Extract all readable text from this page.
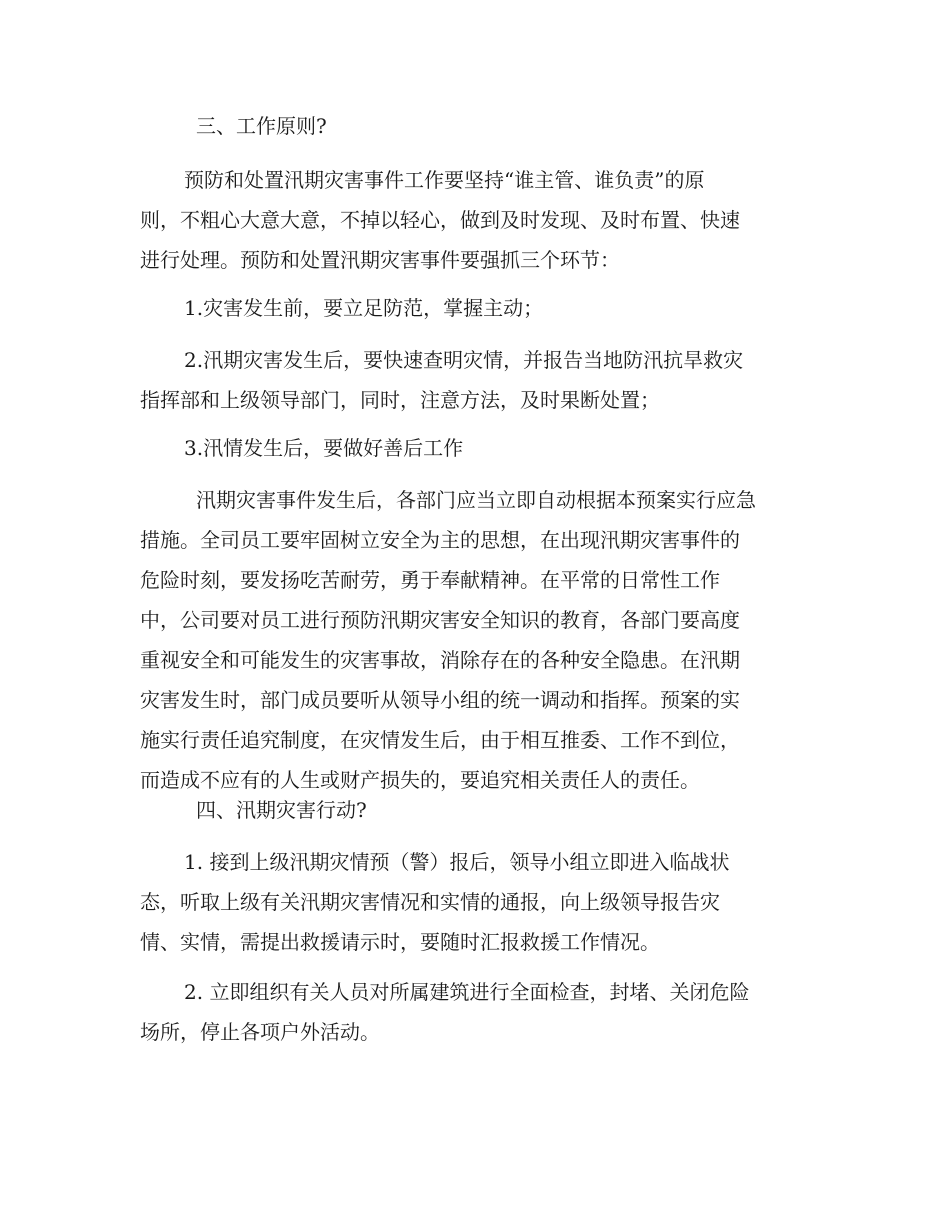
三、工作原则?

预防和处置汛期灾害事件工作要坚持“谁主管、谁负责”的原
则，不粗心大意大意，不掉以轻心，做到及时发现、及时布置、快速
进行处理。预防和处置汛期灾害事件要强抓三个环节：

1.灾害发生前，要立足防范，掌握主动；

2.汛期灾害发生后，要快速查明灾情，并报告当地防汛抗旱救灾
指挥部和上级领导部门，同时，注意方法，及时果断处置；

3.汛情发生后，要做好善后工作

汛期灾害事件发生后，各部门应当立即自动根据本预案实行应急
措施。全司员工要牢固树立安全为主的思想，在出现汛期灾害事件的
危险时刻，要发扬吃苦耐劳，勇于奉献精神。在平常的日常性工作
中，公司要对员工进行预防汛期灾害安全知识的教育，各部门要高度
重视安全和可能发生的灾害事故，消除存在的各种安全隐患。在汛期
灾害发生时，部门成员要听从领导小组的统一调动和指挥。预案的实
施实行责任追究制度，在灾情发生后，由于相互推委、工作不到位，
而造成不应有的人生或财产损失的，要追究相关责任人的责任。

四、汛期灾害行动?

1. 接到上级汛期灾情预（警）报后，领导小组立即进入临战状
态，听取上级有关汛期灾害情况和实情的通报，向上级领导报告灾
情、实情，需提出救援请示时，要随时汇报救援工作情况。

2. 立即组织有关人员对所属建筑进行全面检查，封堵、关闭危险
场所，停止各项户外活动。
